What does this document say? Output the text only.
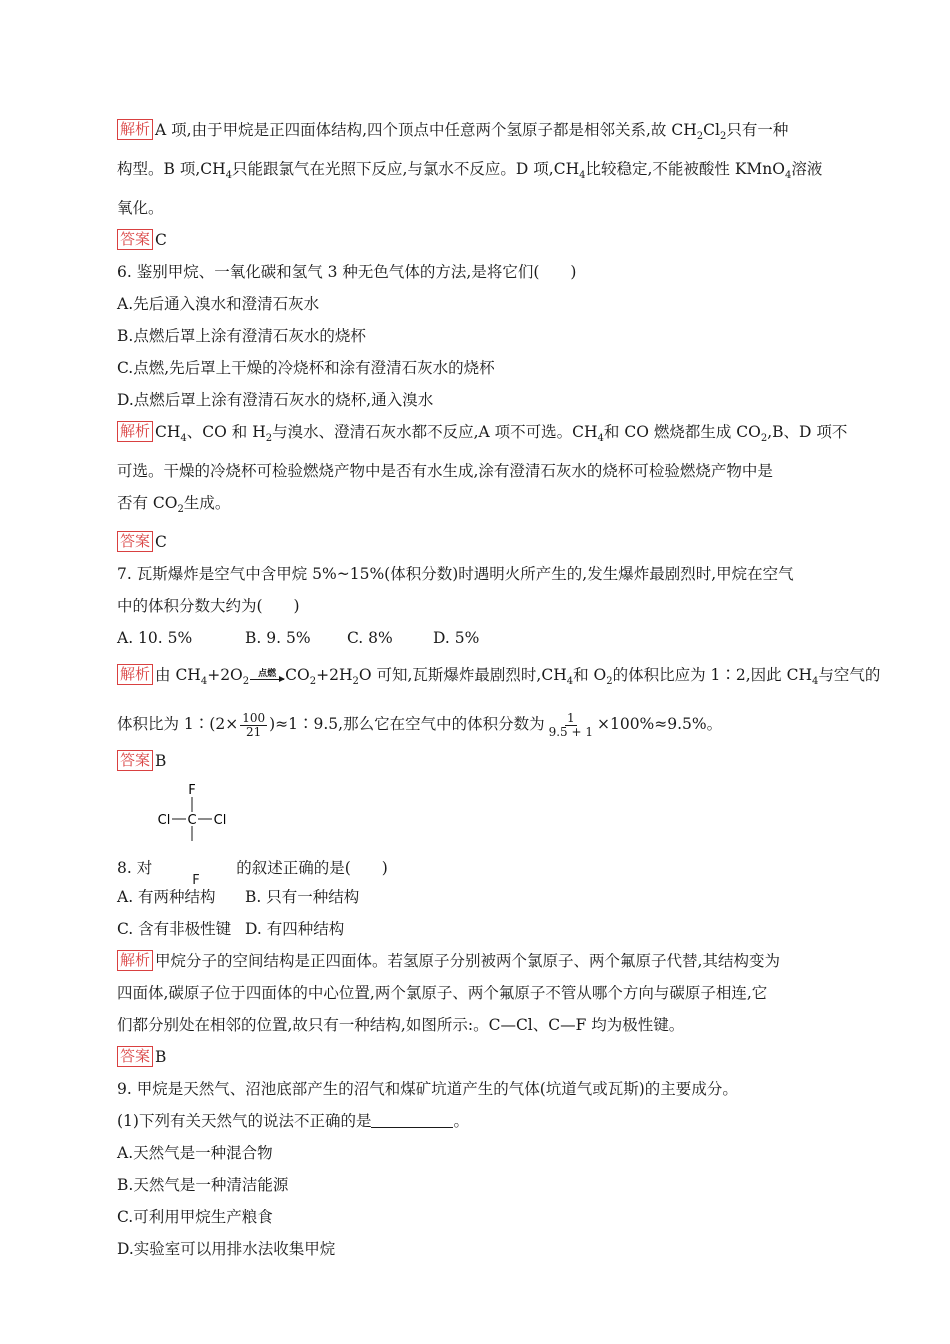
解析 A 项,由于甲烷是正四面体结构,四个顶点中任意两个氢原子都是相邻关系,故 $CH_2Cl_2$只有一种
构型。B 项$,CH_4$只能跟氯气在光照下反应,与氯水不反应。D 项$,CH_4$比较稳定,不能被酸性 KMnO$_4$溶液
氧化。
答案 C
6. 鉴别甲烷、一氧化碳和氢气 3 种无色气体的方法,是将它们(　　)
A.先后通入溴水和澄清石灰水
B.点燃后罩上涂有澄清石灰水的烧杯
C.点燃,先后罩上干燥的冷烧杯和涂有澄清石灰水的烧杯
D.点燃后罩上涂有澄清石灰水的烧杯,通入溴水
解析 $CH_4$、CO 和 $H_2$与溴水、澄清石灰水都不反应,A 项不可选。$CH_4$和 CO 燃烧都生成 $CO_2,B$、D 项不
可选。干燥的冷烧杯可检验燃烧产物中是否有水生成,涂有澄清石灰水的烧杯可检验燃烧产物中是
否有 $CO_2$生成。
答案 C
7. 瓦斯爆炸是空气中含甲烷 5%~15%(体积分数)时遇明火所产生的,发生爆炸最剧烈时,甲烷在空气
中的体积分数大约为(　　)
A. 10. 5%	B. 9. 5%	C. 8%	D. 5%
解析 由 $CH_4+2O_2$
点燃 $CO_2+2H_2O$ 可知,瓦斯爆炸最剧烈时$,CH_4$和 $O_2$的体积比应为 1∶2,因此 $CH_4$与空气的
体积比为 1∶(2× $\frac{100}{21}$ )≈1∶9.5,那么它在空气中的体积分数为 $\frac{1}{9.5 + 1} \times 100\%\approx 9.5\%$。
答案 B
F
C
Cl	Cl
8. 对
F
的叙述正确的是(　　)
A. 有两种结构	B. 只有一种结构
C. 含有非极性键 D. 有四种结构
解析 甲烷分子的空间结构是正四面体。若氢原子分别被两个氯原子、两个氟原子代替,其结构变为
四面体,碳原子位于四面体的中心位置,两个氯原子、两个氟原子不管从哪个方向与碳原子相连,它
们都分别处在相邻的位置,故只有一种结构,如图所示:。C—Cl、C—F 均为极性键。
答案 B
9. 甲烷是天然气、沼池底部产生的沼气和煤矿坑道产生的气体(坑道气或瓦斯)的主要成分。
(1)下列有关天然气的说法不正确的是	。
A.天然气是一种混合物
B.天然气是一种清洁能源
C.可利用甲烷生产粮食
D.实验室可以用排水法收集甲烷
